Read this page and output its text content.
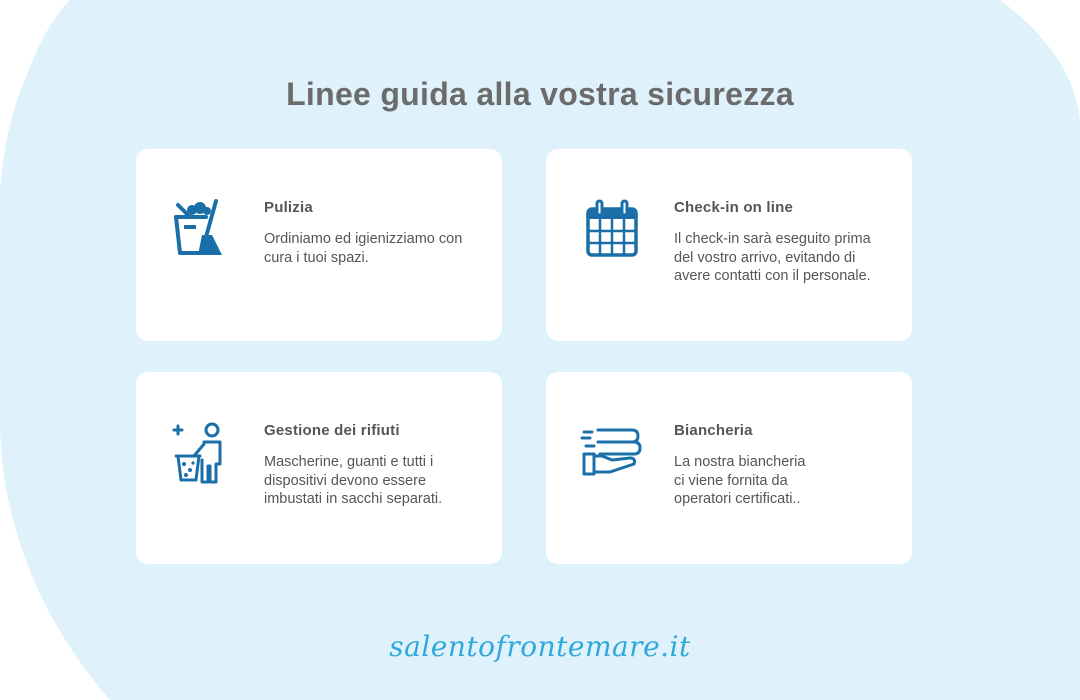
Linee guida alla vostra sicurezza
Pulizia

Ordiniamo ed igienizziamo con
cura i tuoi spazi.

Check-in on line

Il check-in sarà eseguito prima
del vostro arrivo, evitando di
avere contatti con il personale.

Gestione dei rifiuti

Mascherine, guanti e tutti i
dispositivi devono essere
imbustati in sacchi separati.

Biancheria

La nostra biancheria
ci viene fornita da
operatori certificati..

salentofrontemare.it
